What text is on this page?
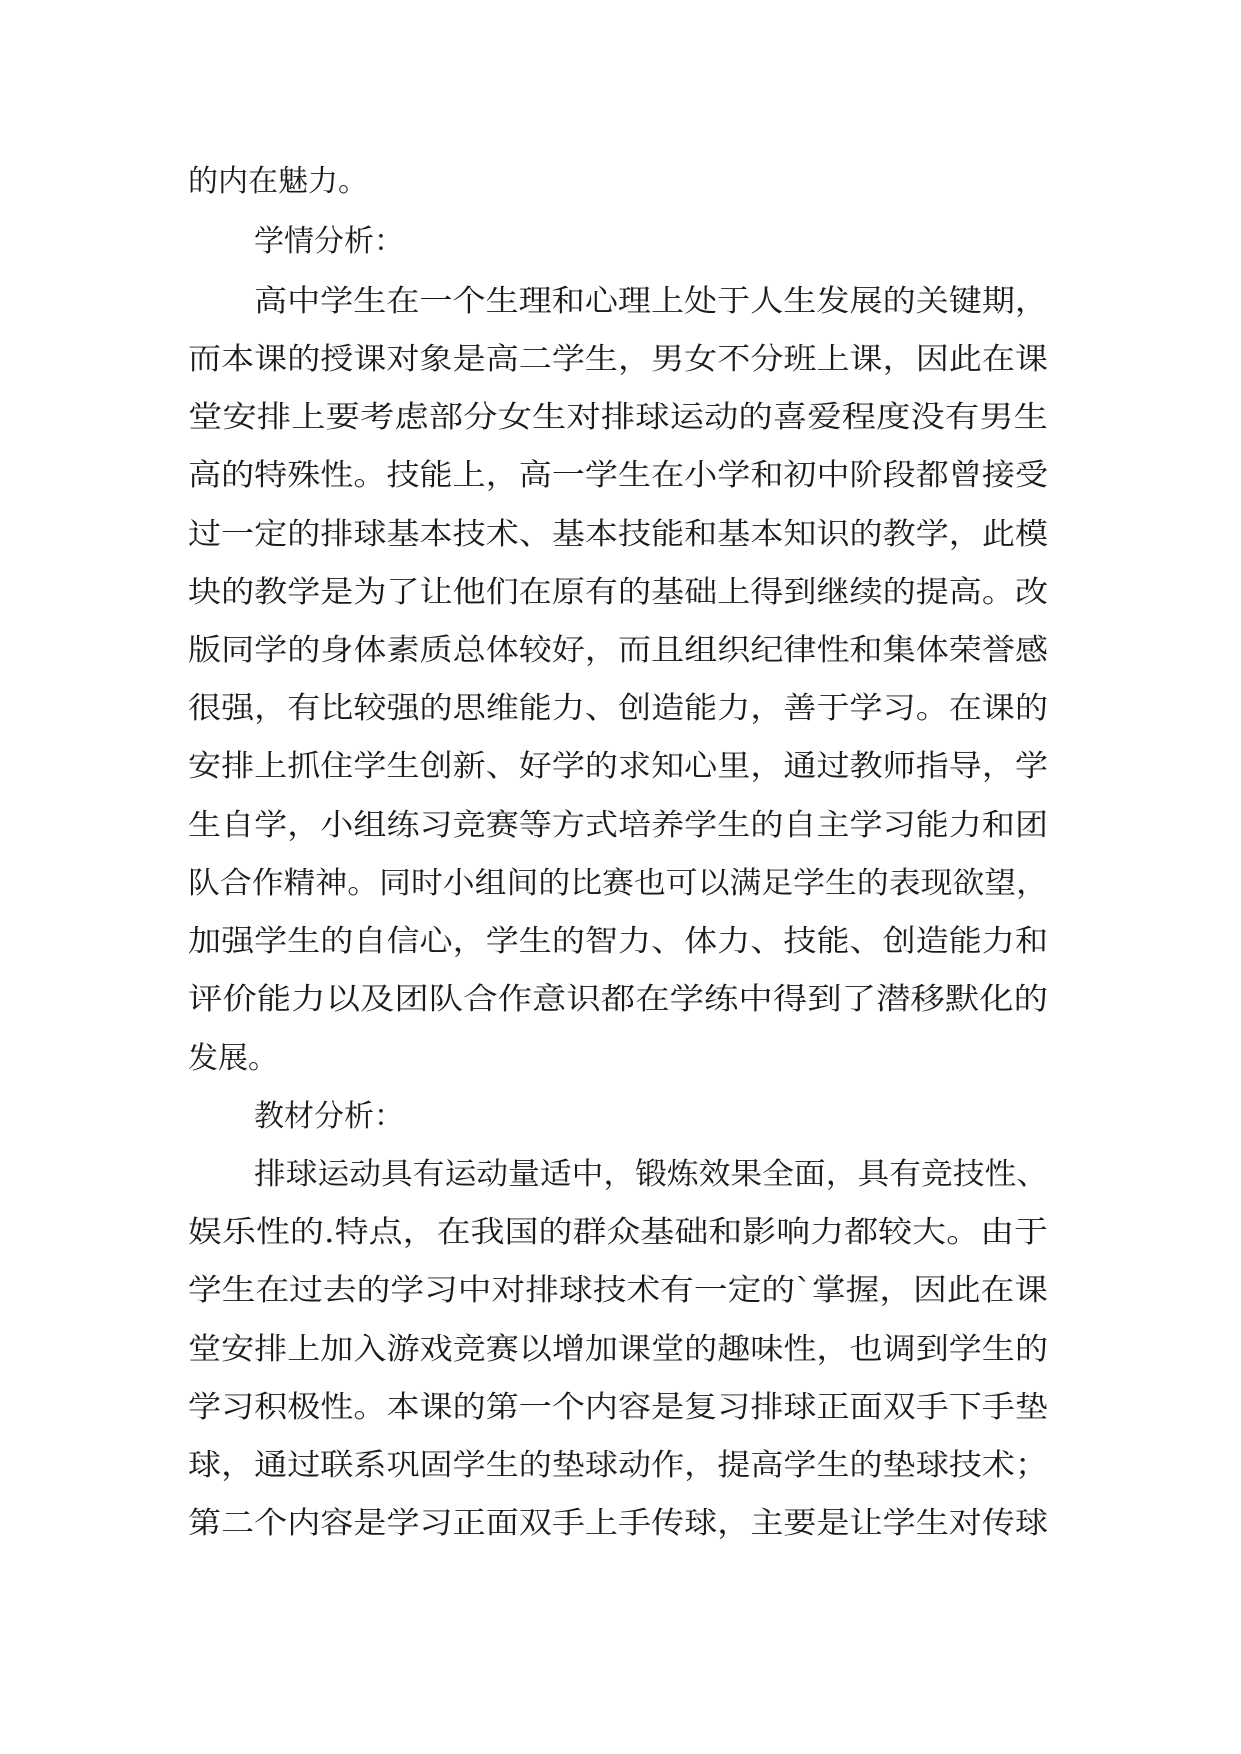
的内在魅力。
学情分析：
高中学生在一个生理和心理上处于人生发展的关键期，
而本课的授课对象是高二学生，男女不分班上课，因此在课
堂安排上要考虑部分女生对排球运动的喜爱程度没有男生
高的特殊性。技能上，高一学生在小学和初中阶段都曾接受
过一定的排球基本技术、基本技能和基本知识的教学，此模
块的教学是为了让他们在原有的基础上得到继续的提高。改
版同学的身体素质总体较好，而且组织纪律性和集体荣誉感
很强，有比较强的思维能力、创造能力，善于学习。在课的
安排上抓住学生创新、好学的求知心里，通过教师指导，学
生自学，小组练习竞赛等方式培养学生的自主学习能力和团
队合作精神。同时小组间的比赛也可以满足学生的表现欲望，
加强学生的自信心，学生的智力、体力、技能、创造能力和
评价能力以及团队合作意识都在学练中得到了潜移默化的
发展。
教材分析：
排球运动具有运动量适中，锻炼效果全面，具有竞技性、
娱乐性的.特点，在我国的群众基础和影响力都较大。由于
学生在过去的学习中对排球技术有一定的`掌握，因此在课
堂安排上加入游戏竞赛以增加课堂的趣味性，也调到学生的
学习积极性。本课的第一个内容是复习排球正面双手下手垫
球，通过联系巩固学生的垫球动作，提高学生的垫球技术；
第二个内容是学习正面双手上手传球，主要是让学生对传球
